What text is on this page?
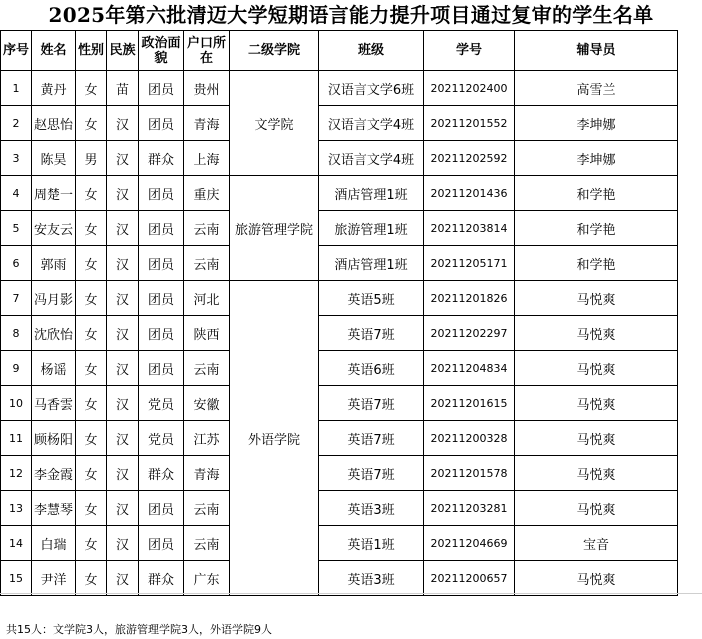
2025年第六批清迈大学短期语言能力提升项目通过复审的学生名单
序号	姓名	性别	民族	政治面貌	户口所在	二级学院	班级	学号	辅导员
1	黄丹	女	苗	团员	贵州	文学院	汉语言文学6班	20211202400	高雪兰
2	赵思怡	女	汉	团员	青海		汉语言文学4班	20211201552	李坤娜
3	陈昊	男	汉	群众	上海		汉语言文学4班	20211202592	李坤娜
4	周楚一	女	汉	团员	重庆	旅游管理学院	酒店管理1班	20211201436	和学艳
5	安友云	女	汉	团员	云南		旅游管理1班	20211203814	和学艳
6	郭雨	女	汉	团员	云南		酒店管理1班	20211205171	和学艳
7	冯月影	女	汉	团员	河北	外语学院	英语5班	20211201826	马悦爽
8	沈欣怡	女	汉	团员	陕西		英语7班	20211202297	马悦爽
9	杨谣	女	汉	团员	云南		英语6班	20211204834	马悦爽
10	马香雲	女	汉	党员	安徽		英语7班	20211201615	马悦爽
11	顾杨阳	女	汉	党员	江苏		英语7班	20211200328	马悦爽
12	李金霞	女	汉	群众	青海		英语7班	20211201578	马悦爽
13	李慧琴	女	汉	团员	云南		英语3班	20211203281	马悦爽
14	白瑞	女	汉	团员	云南		英语1班	20211204669	宝音
15	尹洋	女	汉	群众	广东		英语3班	20211200657	马悦爽
共15人：文学院3人，旅游管理学院3人，外语学院9人
